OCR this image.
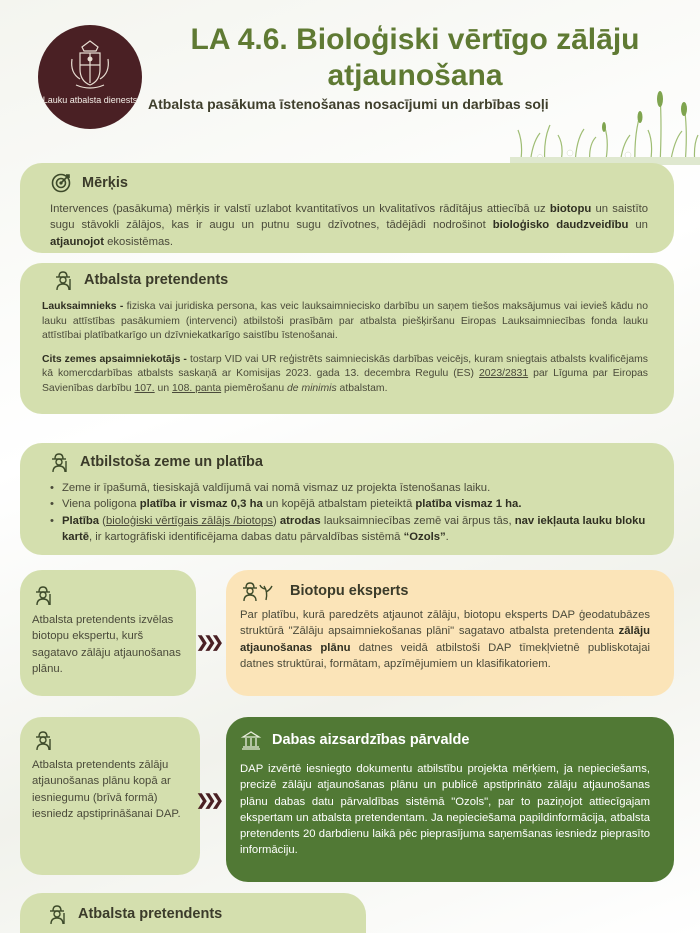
Lauku atbalsta dienests
LA 4.6. Bioloģiski vērtīgo zālāju atjaunošana
Atbalsta pasākuma īstenošanas nosacījumi un darbības soļi
Mērķis
Intervences (pasākuma) mērķis ir valstī uzlabot kvantitatīvos un kvalitatīvos rādītājus attiecībā uz biotopu un saistīto sugu stāvokli zālājos, kas ir augu un putnu sugu dzīvotnes, tādējādi nodrošinot bioloģisko daudzveidību un atjaunojot ekosistēmas.
Atbalsta pretendents
Lauksaimnieks - fiziska vai juridiska persona, kas veic lauksaimniecisko darbību un saņem tiešos maksājumus vai ievieš kādu no lauku attīstības pasākumiem (intervenci) atbilstoši prasībām par atbalsta piešķiršanu Eiropas Lauksaimniecības fonda lauku attīstībai platībatkarīgo un dzīvniekatkarīgo saistību īstenošanai.
Cits zemes apsaimniekotājs - tostarp VID vai UR reģistrēts saimnieciskās darbības veicējs, kuram sniegtais atbalsts kvalificējams kā komercdarbības atbalsts saskaņā ar Komisijas 2023. gada 13. decembra Regulu (ES) 2023/2831 par Līguma par Eiropas Savienības darbību 107. un 108. panta piemērošanu de minimis atbalstam.
Atbilstoša zeme un platība
• Zeme ir īpašumā, tiesiskajā valdījumā vai nomā vismaz uz projekta īstenošanas laiku.
• Viena poligona platība ir vismaz 0,3 ha un kopējā atbalstam pieteiktā platība vismaz 1 ha.
• Platība (bioloģiski vērtīgais zālājs /biotops) atrodas lauksaimniecības zemē vai ārpus tās, nav iekļauta lauku bloku kartē, ir kartogrāfiski identificējama dabas datu pārvaldības sistēmā “Ozols”.
Atbalsta pretendents izvēlas biotopu ekspertu, kurš sagatavo zālāju atjaunošanas plānu.
❯❯❯
Biotopu eksperts
Par platību, kurā paredzēts atjaunot zālāju, biotopu eksperts DAP ģeodatubāzes struktūrā "Zālāju apsaimniekošanas plāni" sagatavo atbalsta pretendenta zālāju atjaunošanas plānu datnes veidā atbilstoši DAP tīmekļvietnē publiskotajai datnes struktūrai, formātam, apzīmējumiem un klasifikatoriem.
Atbalsta pretendents zālāju atjaunošanas plānu kopā ar iesniegumu (brīvā formā) iesniedz apstiprināšanai DAP.
❯❯❯
Dabas aizsardzības pārvalde
DAP izvērtē iesniegto dokumentu atbilstību projekta mērķiem, ja nepieciešams, precizē zālāju atjaunošanas plānu un publicē apstiprināto zālāju atjaunošanas plānu dabas datu pārvaldības sistēmā "Ozols", par to paziņojot attiecīgajam ekspertam un atbalsta pretendentam. Ja nepieciešama papildinformācija, atbalsta pretendents 20 darbdienu laikā pēc pieprasījuma saņemšanas iesniedz pieprasīto informāciju.
Atbalsta pretendents
